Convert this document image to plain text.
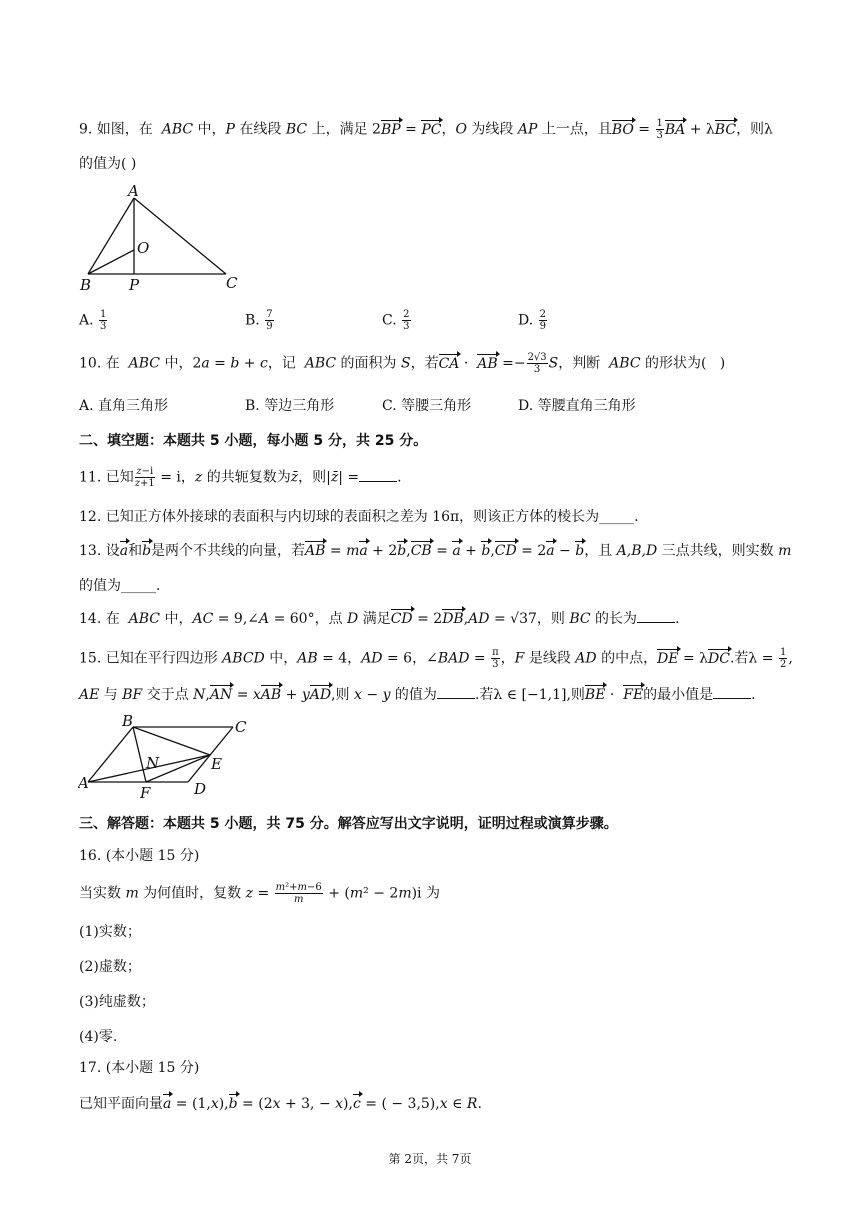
9. 如图，在  ABC 中，P 在线段 BC 上，满足 2BP = PC，O 为线段 AP 上一点，且BO = $\frac{1}{3}$ BA + λBC，则λ
的值为( )
A
O
B	P	C
A. $\frac{1}{3}$	B. $\frac{7}{9}$	C. $\frac{2}{3}$	D. $\frac{2}{9}$
10. 在  ABC 中，2a = b + c，记  ABC 的面积为 S，若CA ·  AB =− $\frac{2√3}{3}$ S，判断  ABC 的形状为(   )
A. 直角三角形	B. 等边三角形	C. 等腰三角形	D. 等腰直角三角形
二、填空题：本题共 5 小题，每小题 5 分，共 25 分。
11. 已知 $\frac{z-i}{z+1} = i$，z 的共轭复数为z̄，则|z̄| =	.
12. 已知正方体外接球的表面积与内切球的表面积之差为 16π，则该正方体的棱长为_____.
13. 设a和b是两个不共线的向量，若AB = ma + 2b,CB = a + b,CD = 2a − b，且 A,B,D 三点共线，则实数 m
的值为_____.
14. 在  ABC 中，AC = 9,∠A = 60°，点 D 满足CD = 2DB,AD = √37，则 BC 的长为	.
15. 已知在平行四边形 ABCD 中，AB = 4，AD = 6，∠BAD = $\frac{\pi}{3}$ ，F 是线段 AD 的中点，DE = λDC.若$\lambda = \frac{1}{2}$ ,
AE 与 BF 交于点 N,AN = xAB + yAD,则 x − y 的值为	.若λ ∈ [−1,1],则BE ·  FE的最小值是	.
B	C
N	E
A
F	D
三、解答题：本题共 5 小题，共 75 分。解答应写出文字说明，证明过程或演算步骤。
16. (本小题 15 分)
当实数 m 为何值时，复数 $z = \frac{\text{m²+m−6}}{m} + (m^2 - 2m)i$ 为
(1)实数；
(2)虚数；
(3)纯虚数；
(4)零.
17. (本小题 15 分)
已知平面向量a = (1,x),b = (2x + 3, − x),c = ( − 3,5),x ∈ R.
第 2页，共 7页
